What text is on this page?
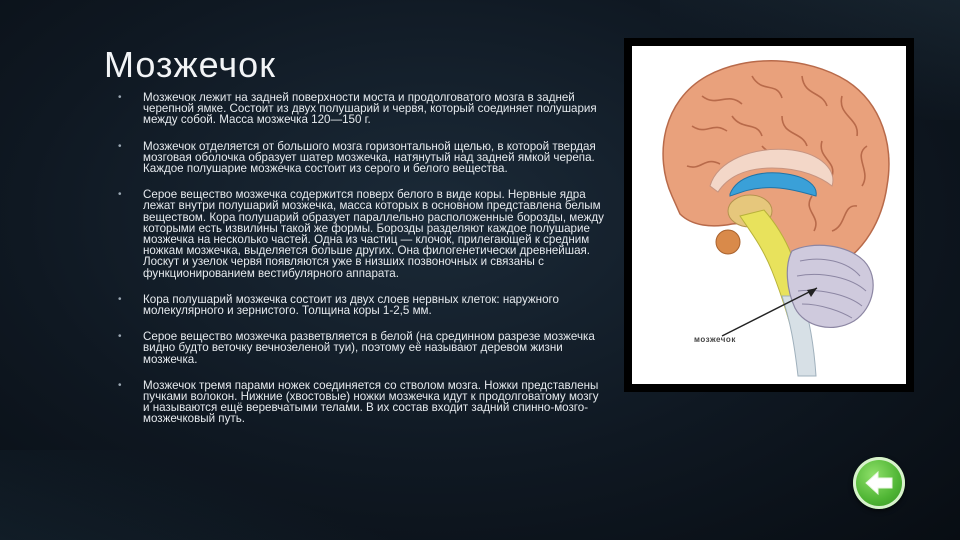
Мозжечок
• Мозжечок лежит на задней поверхности моста и продолговатого мозга в задней черепной ямке. Состоит из двух полушарий и червя, который соединяет полушария между собой. Масса мозжечка 120—150 г.
• Мозжечок отделяется от большого мозга горизонтальной щелью, в которой твердая мозговая оболочка образует шатер мозжечка, натянутый над задней ямкой черепа. Каждое полушарие мозжечка состоит из серого и белого вещества.
• Серое вещество мозжечка содержится поверх белого в виде коры. Нервные ядра лежат внутри полушарий мозжечка, масса которых в основном представлена белым веществом. Кора полушарий образует параллельно расположенные борозды, между которыми есть извилины такой же формы. Борозды разделяют каждое полушарие мозжечка на несколько частей. Одна из частиц — клочок, прилегающей к средним ножкам мозжечка, выделяется больше других. Она филогенетически древнейшая. Лоскут и узелок червя появляются уже в низших позвоночных и связаны с функционированием вестибулярного аппарата.
• Кора полушарий мозжечка состоит из двух слоев нервных клеток: наружного молекулярного и зернистого. Толщина коры 1-2,5 мм.
• Серое вещество мозжечка разветвляется в белой (на срединном разрезе мозжечка видно будто веточку вечнозеленой туи), поэтому её называют деревом жизни мозжечка.
• Мозжечок тремя парами ножек соединяется со стволом мозга. Ножки представлены пучками волокон. Нижние (хвостовые) ножки мозжечка идут к продолговатому мозгу и называются ещё веревчатыми телами. В их состав входит задний спинно-мозго-мозжечковый путь.
мозжечок
